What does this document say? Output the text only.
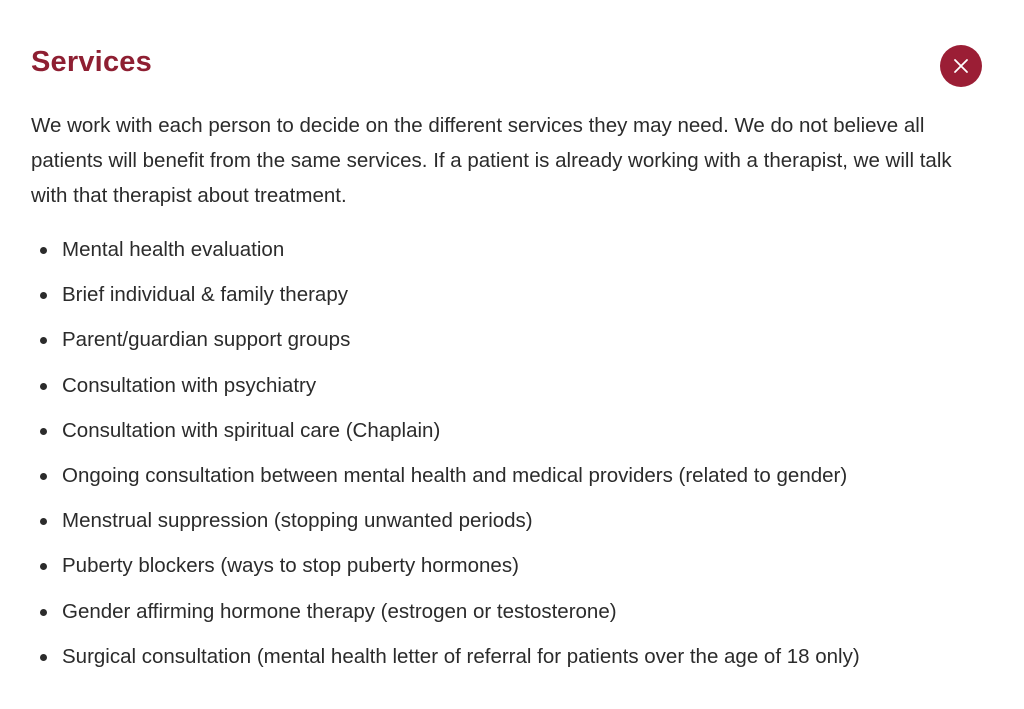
Services

We work with each person to decide on the different services they may need. We do not believe all patients will benefit from the same services. If a patient is already working with a therapist, we will talk with that therapist about treatment.

Mental health evaluation
Brief individual & family therapy
Parent/guardian support groups
Consultation with psychiatry
Consultation with spiritual care (Chaplain)
Ongoing consultation between mental health and medical providers (related to gender)
Menstrual suppression (stopping unwanted periods)
Puberty blockers (ways to stop puberty hormones)
Gender affirming hormone therapy (estrogen or testosterone)
Surgical consultation (mental health letter of referral for patients over the age of 18 only)
